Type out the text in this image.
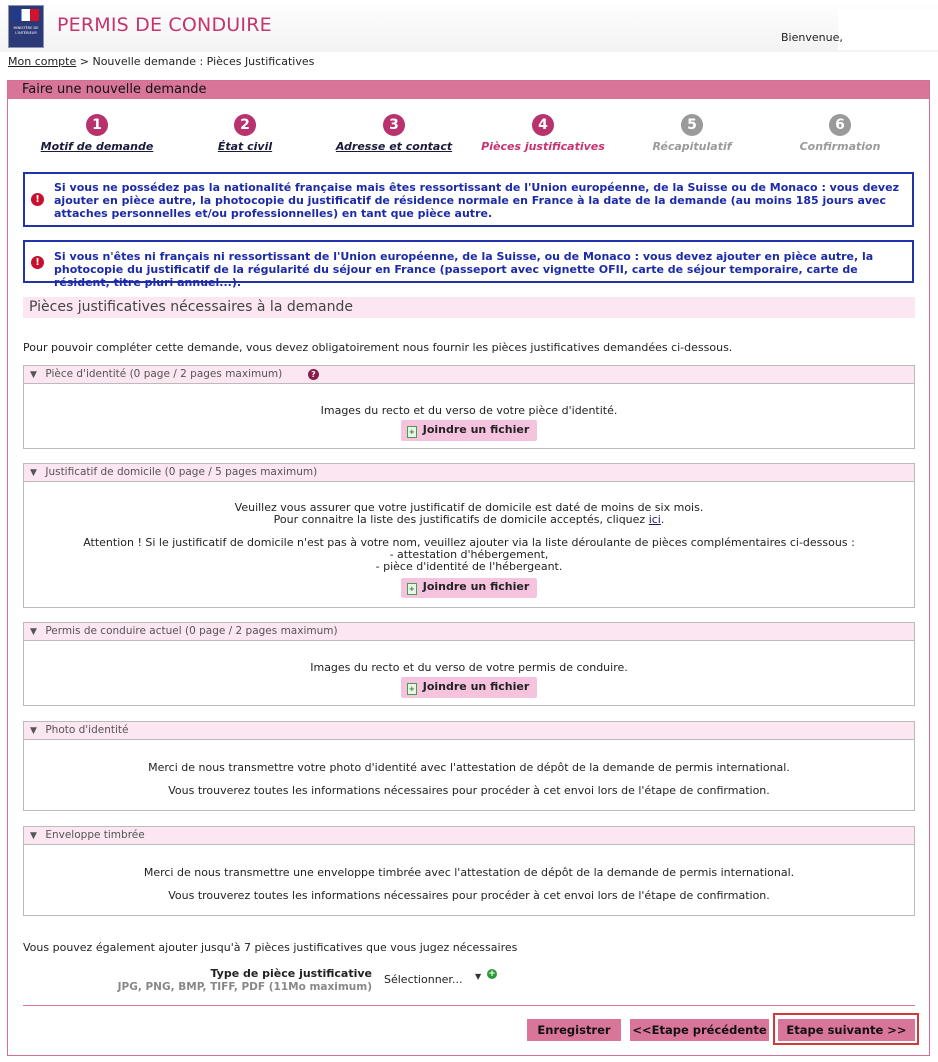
MINISTÈRE DE L'INTÉRIEUR PERMIS DE CONDUIRE
Bienvenue,
Mon compte > Nouvelle demande : Pièces Justificatives
Faire une nouvelle demande
1
Motif de demande
2
État civil
3
Adresse et contact
4
Pièces justificatives
5
Récapitulatif
6
Confirmation
!
Si vous ne possédez pas la nationalité française mais êtes ressortissant de l'Union européenne, de la Suisse ou de Monaco : vous devez ajouter en pièce autre, la photocopie du justificatif de résidence normale en France à la date de la demande (au moins 185 jours avec attaches personnelles et/ou professionnelles) en tant que pièce autre.
!	Si vous n'êtes ni français ni ressortissant de l'Union européenne, de la Suisse, ou de Monaco : vous devez ajouter en pièce autre, la photocopie du justificatif de la régularité du séjour en France (passeport avec vignette OFII, carte de séjour temporaire, carte de résident, titre pluri annuel...).
Pièces justificatives nécessaires à la demande
Pour pouvoir compléter cette demande, vous devez obligatoirement nous fournir les pièces justificatives demandées ci-dessous.
▼ Pièce d'identité (0 page / 2 pages maximum)	?
Images du recto et du verso de votre pièce d'identité.
+ Joindre un fichier
▼ Justificatif de domicile (0 page / 5 pages maximum)
Veuillez vous assurer que votre justificatif de domicile est daté de moins de six mois.
Pour connaitre la liste des justificatifs de domicile acceptés, cliquez ici.
Attention ! Si le justificatif de domicile n'est pas à votre nom, veuillez ajouter via la liste déroulante de pièces complémentaires ci-dessous :
- attestation d'hébergement,
- pièce d'identité de l'hébergeant.
+ Joindre un fichier
▼ Permis de conduire actuel (0 page / 2 pages maximum)
Images du recto et du verso de votre permis de conduire.
+ Joindre un fichier
▼ Photo d'identité
Merci de nous transmettre votre photo d'identité avec l'attestation de dépôt de la demande de permis international.
Vous trouverez toutes les informations nécessaires pour procéder à cet envoi lors de l'étape de confirmation.
▼ Enveloppe timbrée
Merci de nous transmettre une enveloppe timbrée avec l'attestation de dépôt de la demande de permis international.
Vous trouverez toutes les informations nécessaires pour procéder à cet envoi lors de l'étape de confirmation.
Vous pouvez également ajouter jusqu'à 7 pièces justificatives que vous jugez nécessaires
Type de pièce justificative
JPG, PNG, BMP, TIFF, PDF (11Mo maximum)
Sélectionner... ▼ +
Enregistrer	<<Etape précédente	Etape suivante >>
